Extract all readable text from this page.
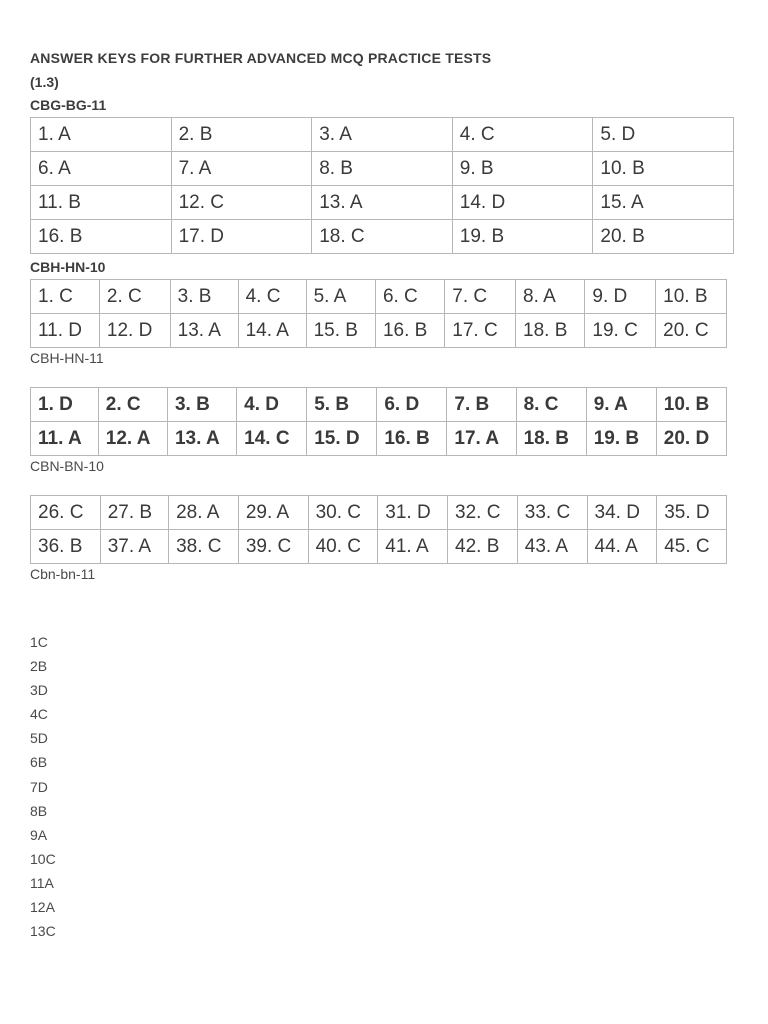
ANSWER KEYS FOR FURTHER ADVANCED MCQ PRACTICE TESTS
(1.3)
CBG-BG-11
1. A	2. B	3. A	4. C	5. D
6. A	7. A	8. B	9. B	10. B
11. B	12. C	13. A	14. D	15. A
16. B	17. D	18. C	19. B	20. B
CBH-HN-10
1. C	2. C	3. B	4. C	5. A	6. C	7. C	8. A	9. D	10. B
11. D	12. D	13. A	14. A	15. B	16. B	17. C	18. B	19. C	20. C
CBH-HN-11
1. D	2. C	3. B	4. D	5. B	6. D	7. B	8. C	9. A	10. B
11. A	12. A	13. A	14. C	15. D	16. B	17. A	18. B	19. B	20. D
CBN-BN-10
26. C	27. B	28. A	29. A	30. C	31. D	32. C	33. C	34. D	35. D
36. B	37. A	38. C	39. C	40. C	41. A	42. B	43. A	44. A	45. C
Cbn-bn-11
1C
2B
3D
4C
5D
6B
7D
8B
9A
10C
11A
12A
13C
